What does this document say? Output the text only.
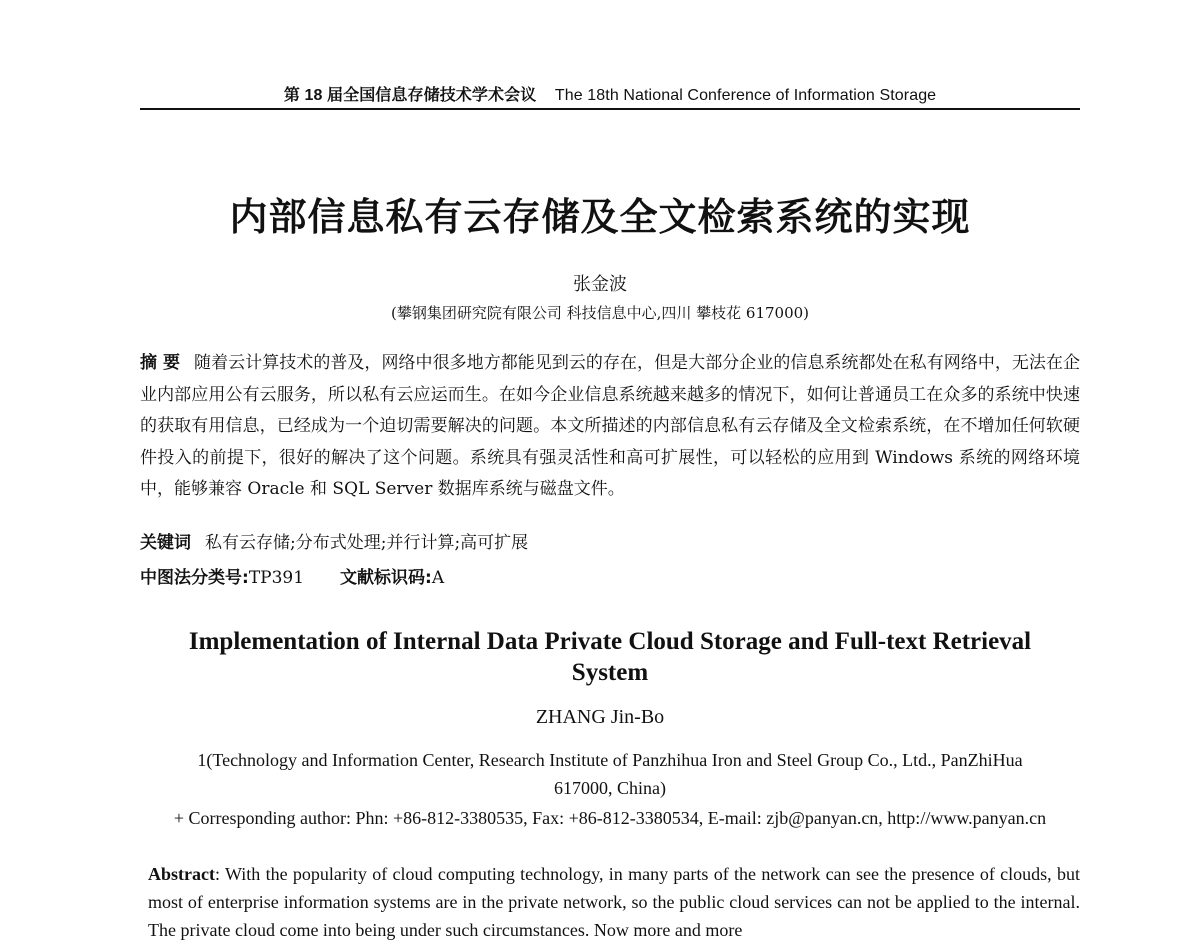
第 18 届全国信息存储技术学术会议 The 18th National Conference of Information Storage
内部信息私有云存储及全文检索系统的实现
张金波
(攀钢集团研究院有限公司 科技信息中心,四川 攀枝花 617000)
摘 要 随着云计算技术的普及，网络中很多地方都能见到云的存在，但是大部分企业的信息系统都处在私有网络中，无法在企业内部应用公有云服务，所以私有云应运而生。在如今企业信息系统越来越多的情况下，如何让普通员工在众多的系统中快速的获取有用信息，已经成为一个迫切需要解决的问题。本文所描述的内部信息私有云存储及全文检索系统，在不增加任何软硬件投入的前提下，很好的解决了这个问题。系统具有强灵活性和高可扩展性，可以轻松的应用到 Windows 系统的网络环境中，能够兼容 Oracle 和 SQL Server 数据库系统与磁盘文件。
关键词 私有云存储;分布式处理;并行计算;高可扩展
中图法分类号:TP391 文献标识码:A
Implementation of Internal Data Private Cloud Storage and Full-text Retrieval System
ZHANG Jin-Bo
1(Technology and Information Center, Research Institute of Panzhihua Iron and Steel Group Co., Ltd., PanZhiHua 617000, China)
+ Corresponding author: Phn: +86-812-3380535, Fax: +86-812-3380534, E-mail: zjb@panyan.cn, http://www.panyan.cn
Abstract: With the popularity of cloud computing technology, in many parts of the network can see the presence of clouds, but most of enterprise information systems are in the private network, so the public cloud services can not be applied to the internal. The private cloud come into being under such circumstances. Now more and more
